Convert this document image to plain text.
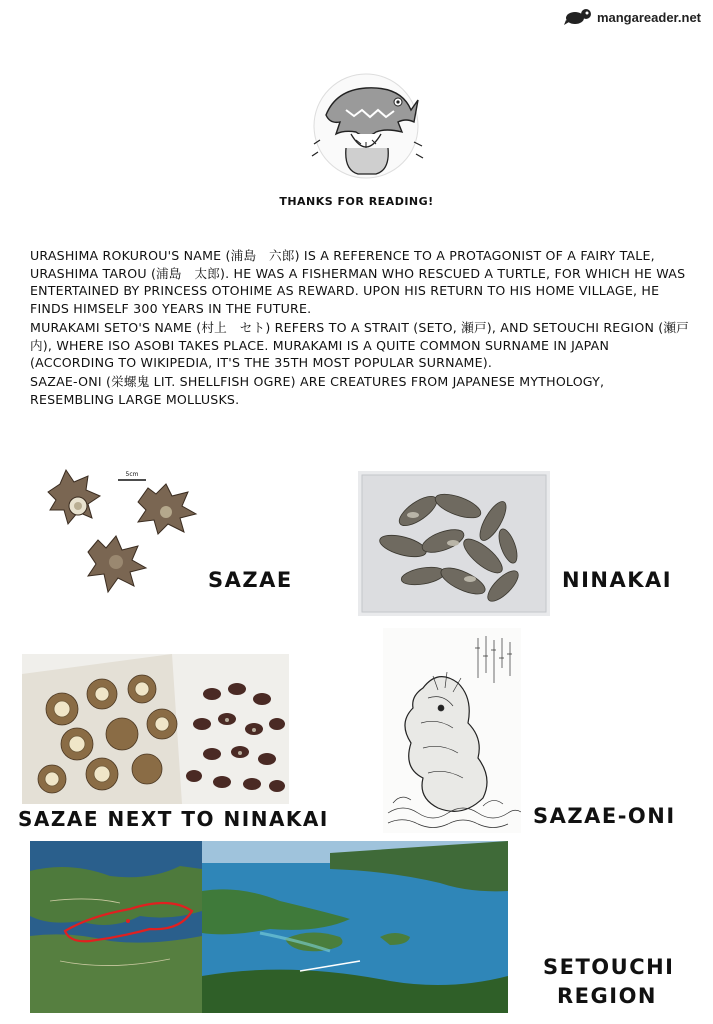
mangareader.net
THANKS FOR READING!
URASHIMA ROKUROU'S NAME (浦島　六郎) IS A REFERENCE TO A PROTAGONIST OF A FAIRY TALE, URASHIMA TAROU (浦島　太郎). HE WAS A FISHERMAN WHO RESCUED A TURTLE, FOR WHICH HE WAS ENTERTAINED BY PRINCESS OTOHIME AS REWARD. UPON HIS RETURN TO HIS HOME VILLAGE, HE FINDS HIMSELF 300 YEARS IN THE FUTURE.
MURAKAMI SETO'S NAME (村上　セト) REFERS TO A STRAIT (SETO, 瀬戸), AND SETOUCHI REGION (瀬戸内), WHERE ISO ASOBI TAKES PLACE. MURAKAMI IS A QUITE COMMON SURNAME IN JAPAN (ACCORDING TO WIKIPEDIA, IT'S THE 35TH MOST POPULAR SURNAME).
SAZAE-ONI (栄螺鬼 LIT. SHELLFISH OGRE) ARE CREATURES FROM JAPANESE MYTHOLOGY, RESEMBLING LARGE MOLLUSKS.
5cm
SAZAE	NINAKAI
SAZAE NEXT TO NINAKAI	SAZAE-ONI
SETOUCHI
REGION
